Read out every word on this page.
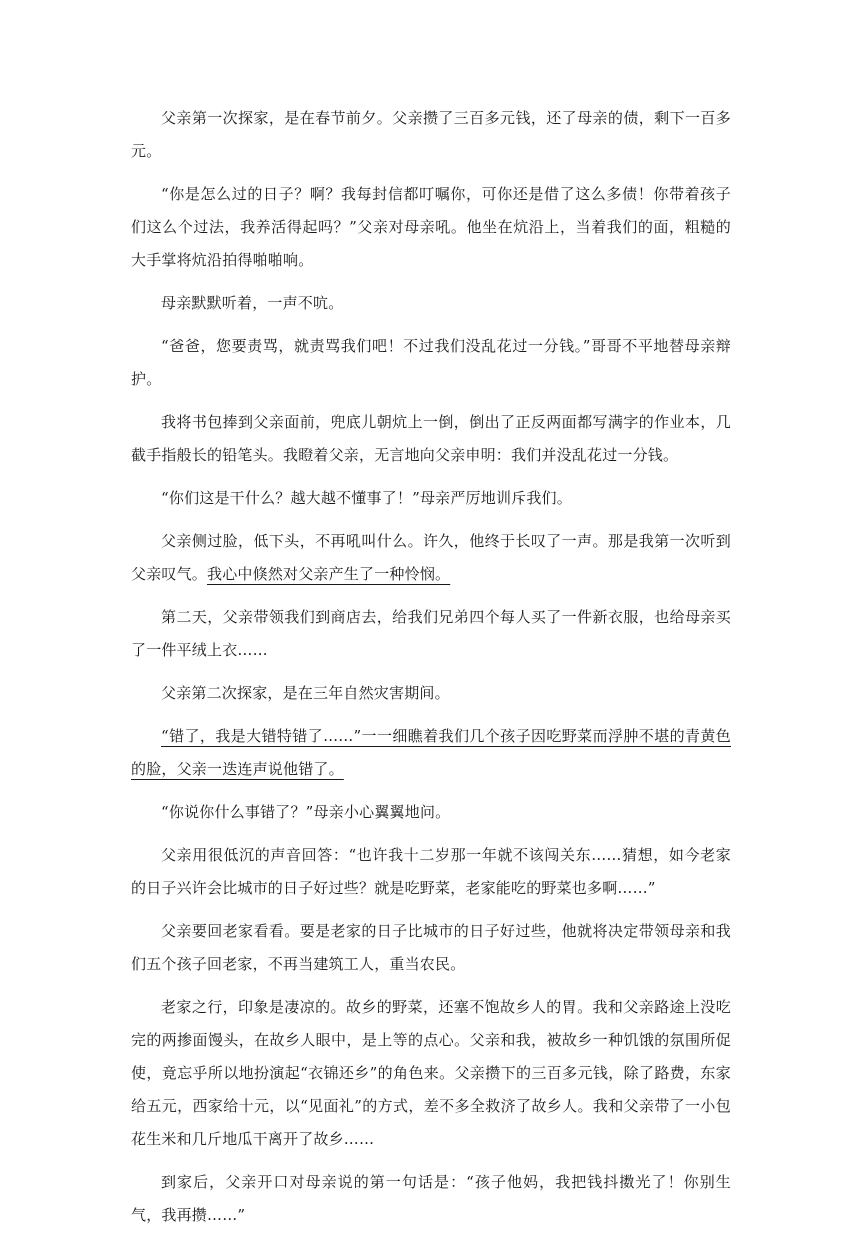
父亲第一次探家，是在春节前夕。父亲攒了三百多元钱，还了母亲的债，剩下一百多元。

“你是怎么过的日子？啊？我每封信都叮嘱你，可你还是借了这么多债！你带着孩子们这么个过法，我养活得起吗？”父亲对母亲吼。他坐在炕沿上，当着我们的面，粗糙的大手掌将炕沿拍得啪啪响。

母亲默默听着，一声不吭。

“爸爸，您要责骂，就责骂我们吧！不过我们没乱花过一分钱。”哥哥不平地替母亲辩护。

我将书包捧到父亲面前，兜底儿朝炕上一倒，倒出了正反两面都写满字的作业本，几截手指般长的铅笔头。我瞪着父亲，无言地向父亲申明：我们并没乱花过一分钱。

“你们这是干什么？越大越不懂事了！”母亲严厉地训斥我们。

父亲侧过脸，低下头，不再吼叫什么。许久，他终于长叹了一声。那是我第一次听到父亲叹气。我心中倏然对父亲产生了一种怜悯。

第二天，父亲带领我们到商店去，给我们兄弟四个每人买了一件新衣服，也给母亲买了一件平绒上衣……

父亲第二次探家，是在三年自然灾害期间。

“错了，我是大错特错了……”一一细瞧着我们几个孩子因吃野菜而浮肿不堪的青黄色的脸，父亲一迭连声说他错了。

“你说你什么事错了？”母亲小心翼翼地问。

父亲用很低沉的声音回答：“也许我十二岁那一年就不该闯关东……猜想，如今老家的日子兴许会比城市的日子好过些？就是吃野菜，老家能吃的野菜也多啊……”

父亲要回老家看看。要是老家的日子比城市的日子好过些，他就将决定带领母亲和我们五个孩子回老家，不再当建筑工人，重当农民。

老家之行，印象是凄凉的。故乡的野菜，还塞不饱故乡人的胃。我和父亲路途上没吃完的两掺面馒头，在故乡人眼中，是上等的点心。父亲和我，被故乡一种饥饿的氛围所促使，竟忘乎所以地扮演起“衣锦还乡”的角色来。父亲攒下的三百多元钱，除了路费，东家给五元，西家给十元，以“见面礼”的方式，差不多全救济了故乡人。我和父亲带了一小包花生米和几斤地瓜干离开了故乡……

到家后，父亲开口对母亲说的第一句话是：“孩子他妈，我把钱抖擞光了！你别生气，我再攒……”
